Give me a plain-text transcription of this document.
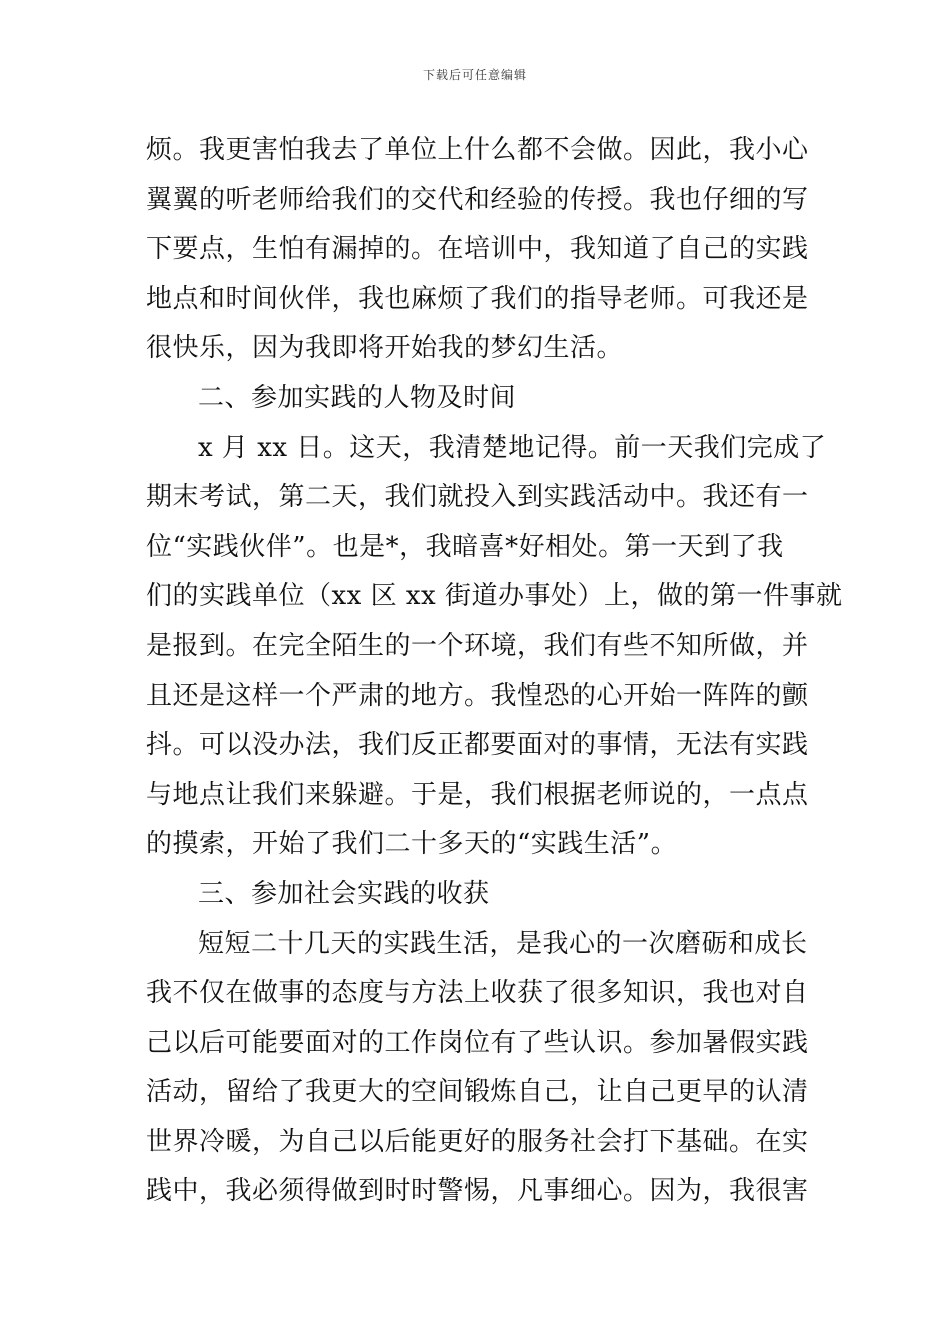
下载后可任意编辑
烦。我更害怕我去了单位上什么都不会做。因此，我小心
翼翼的听老师给我们的交代和经验的传授。我也仔细的写
下要点，生怕有漏掉的。在培训中，我知道了自己的实践
地点和时间伙伴，我也麻烦了我们的指导老师。可我还是
很快乐，因为我即将开始我的梦幻生活。
二、参加实践的人物及时间
x 月 xx 日。这天，我清楚地记得。前一天我们完成了
期末考试，第二天，我们就投入到实践活动中。我还有一
位“实践伙伴”。也是*，我暗喜*好相处。第一天到了我
们的实践单位（xx 区 xx 街道办事处）上，做的第一件事就
是报到。在完全陌生的一个环境，我们有些不知所做，并
且还是这样一个严肃的地方。我惶恐的心开始一阵阵的颤
抖。可以没办法，我们反正都要面对的事情，无法有实践
与地点让我们来躲避。于是，我们根据老师说的，一点点
的摸索，开始了我们二十多天的“实践生活”。
三、参加社会实践的收获
短短二十几天的实践生活，是我心的一次磨砺和成长
我不仅在做事的态度与方法上收获了很多知识，我也对自
己以后可能要面对的工作岗位有了些认识。参加暑假实践
活动，留给了我更大的空间锻炼自己，让自己更早的认清
世界冷暖，为自己以后能更好的服务社会打下基础。在实
践中，我必须得做到时时警惕，凡事细心。因为，我很害
